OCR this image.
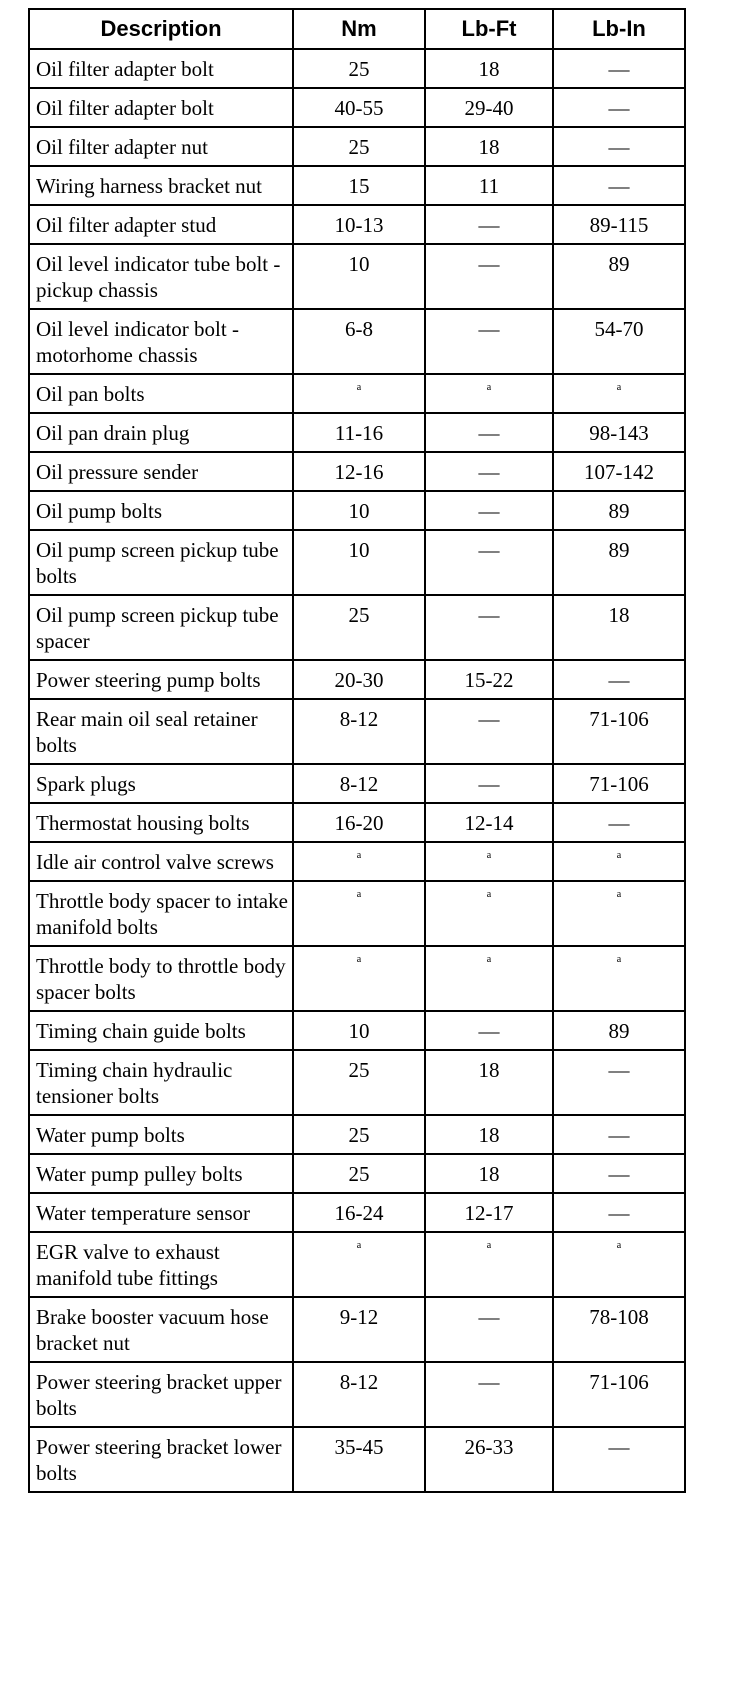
Description	Nm	Lb-Ft	Lb-In
Oil filter adapter bolt	25	18	—
Oil filter adapter bolt	40-55	29-40	—
Oil filter adapter nut	25	18	—
Wiring harness bracket nut	15	11	—
Oil filter adapter stud	10-13	—	89-115
Oil level indicator tube bolt - pickup chassis	10	—	89
Oil level indicator bolt - motorhome chassis	6-8	—	54-70
Oil pan bolts	a	a	a
Oil pan drain plug	11-16	—	98-143
Oil pressure sender	12-16	—	107-142
Oil pump bolts	10	—	89
Oil pump screen pickup tube bolts	10	—	89
Oil pump screen pickup tube spacer	25	—	18
Power steering pump bolts	20-30	15-22	—
Rear main oil seal retainer bolts	8-12	—	71-106
Spark plugs	8-12	—	71-106
Thermostat housing bolts	16-20	12-14	—
Idle air control valve screws	a	a	a
Throttle body spacer to intake manifold bolts	a	a	a
Throttle body to throttle body spacer bolts	a	a	a
Timing chain guide bolts	10	—	89
Timing chain hydraulic tensioner bolts	25	18	—
Water pump bolts	25	18	—
Water pump pulley bolts	25	18	—
Water temperature sensor	16-24	12-17	—
EGR valve to exhaust manifold tube fittings	a	a	a
Brake booster vacuum hose bracket nut	9-12	—	78-108
Power steering bracket upper bolts	8-12	—	71-106
Power steering bracket lower bolts	35-45	26-33	—
